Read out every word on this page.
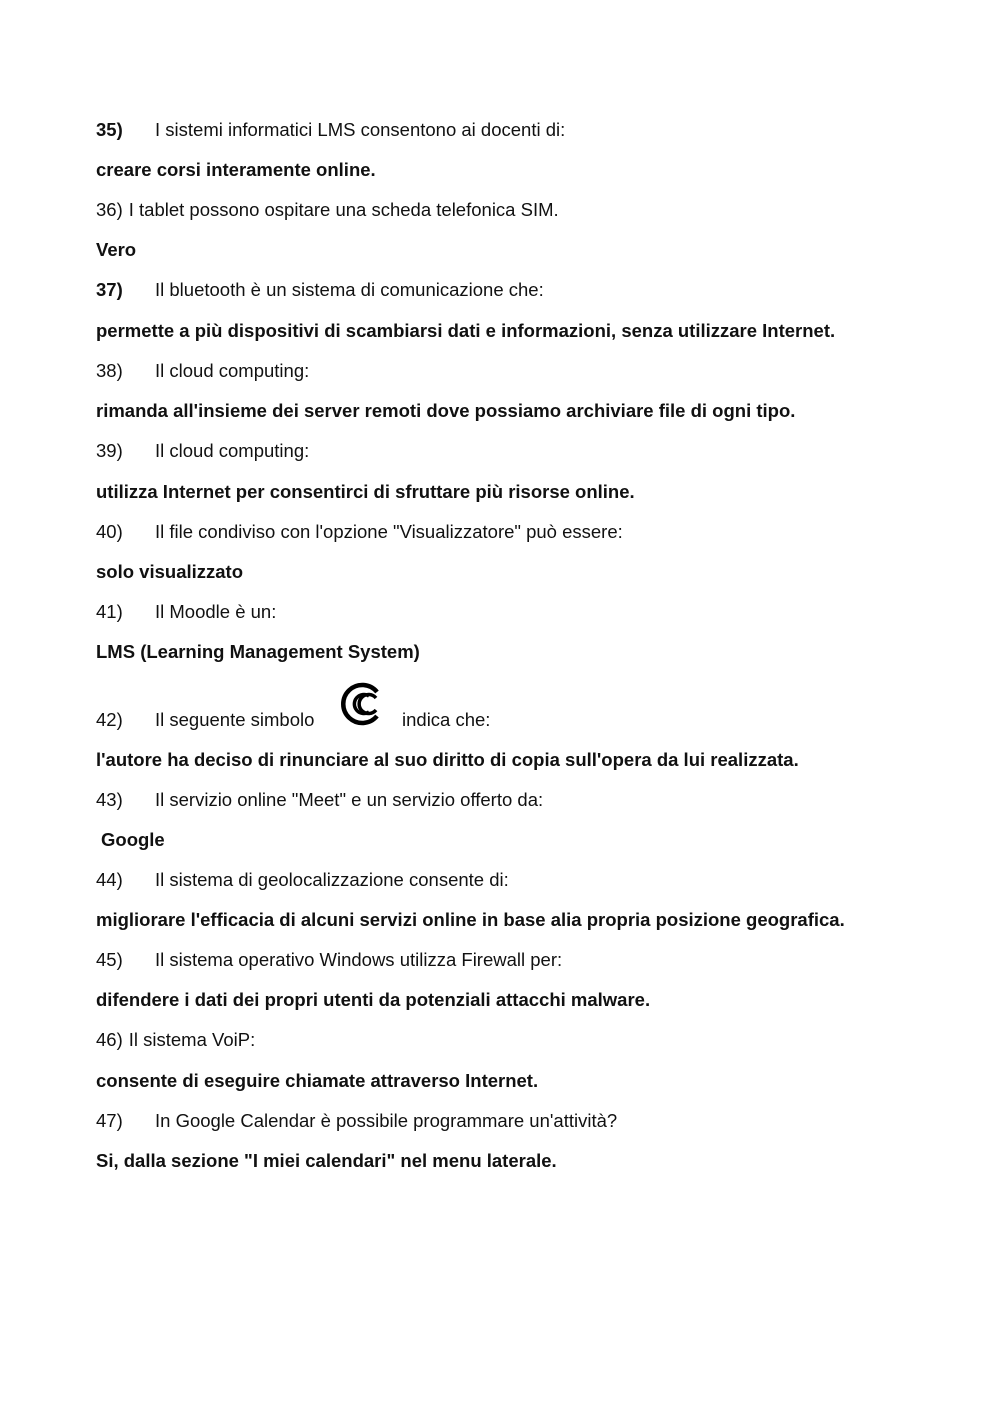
35) I sistemi informatici LMS consentono ai docenti di:
creare corsi interamente online.
36) I tablet possono ospitare una scheda telefonica SIM.
Vero
37) Il bluetooth è un sistema di comunicazione che:
permette a più dispositivi di scambiarsi dati e informazioni, senza utilizzare Internet.
38) Il cloud computing:
rimanda all'insieme dei server remoti dove possiamo archiviare file di ogni tipo.
39) Il cloud computing:
utilizza Internet per consentirci di sfruttare più risorse online.
40) Il file condiviso con l'opzione "Visualizzatore" può essere:
solo visualizzato
41) Il Moodle è un:
LMS (Learning Management System)
42) Il seguente simbolo	indica che:
l'autore ha deciso di rinunciare al suo diritto di copia sull'opera da lui realizzata.
43) Il servizio online "Meet" e un servizio offerto da:
Google
44) Il sistema di geolocalizzazione consente di:
migliorare l'efficacia di alcuni servizi online in base alia propria posizione geografica.
45) Il sistema operativo Windows utilizza Firewall per:
difendere i dati dei propri utenti da potenziali attacchi malware.
46) Il sistema VoiP:
consente di eseguire chiamate attraverso Internet.
47) In Google Calendar è possibile programmare un'attività?
Si, dalla sezione "I miei calendari" nel menu laterale.
